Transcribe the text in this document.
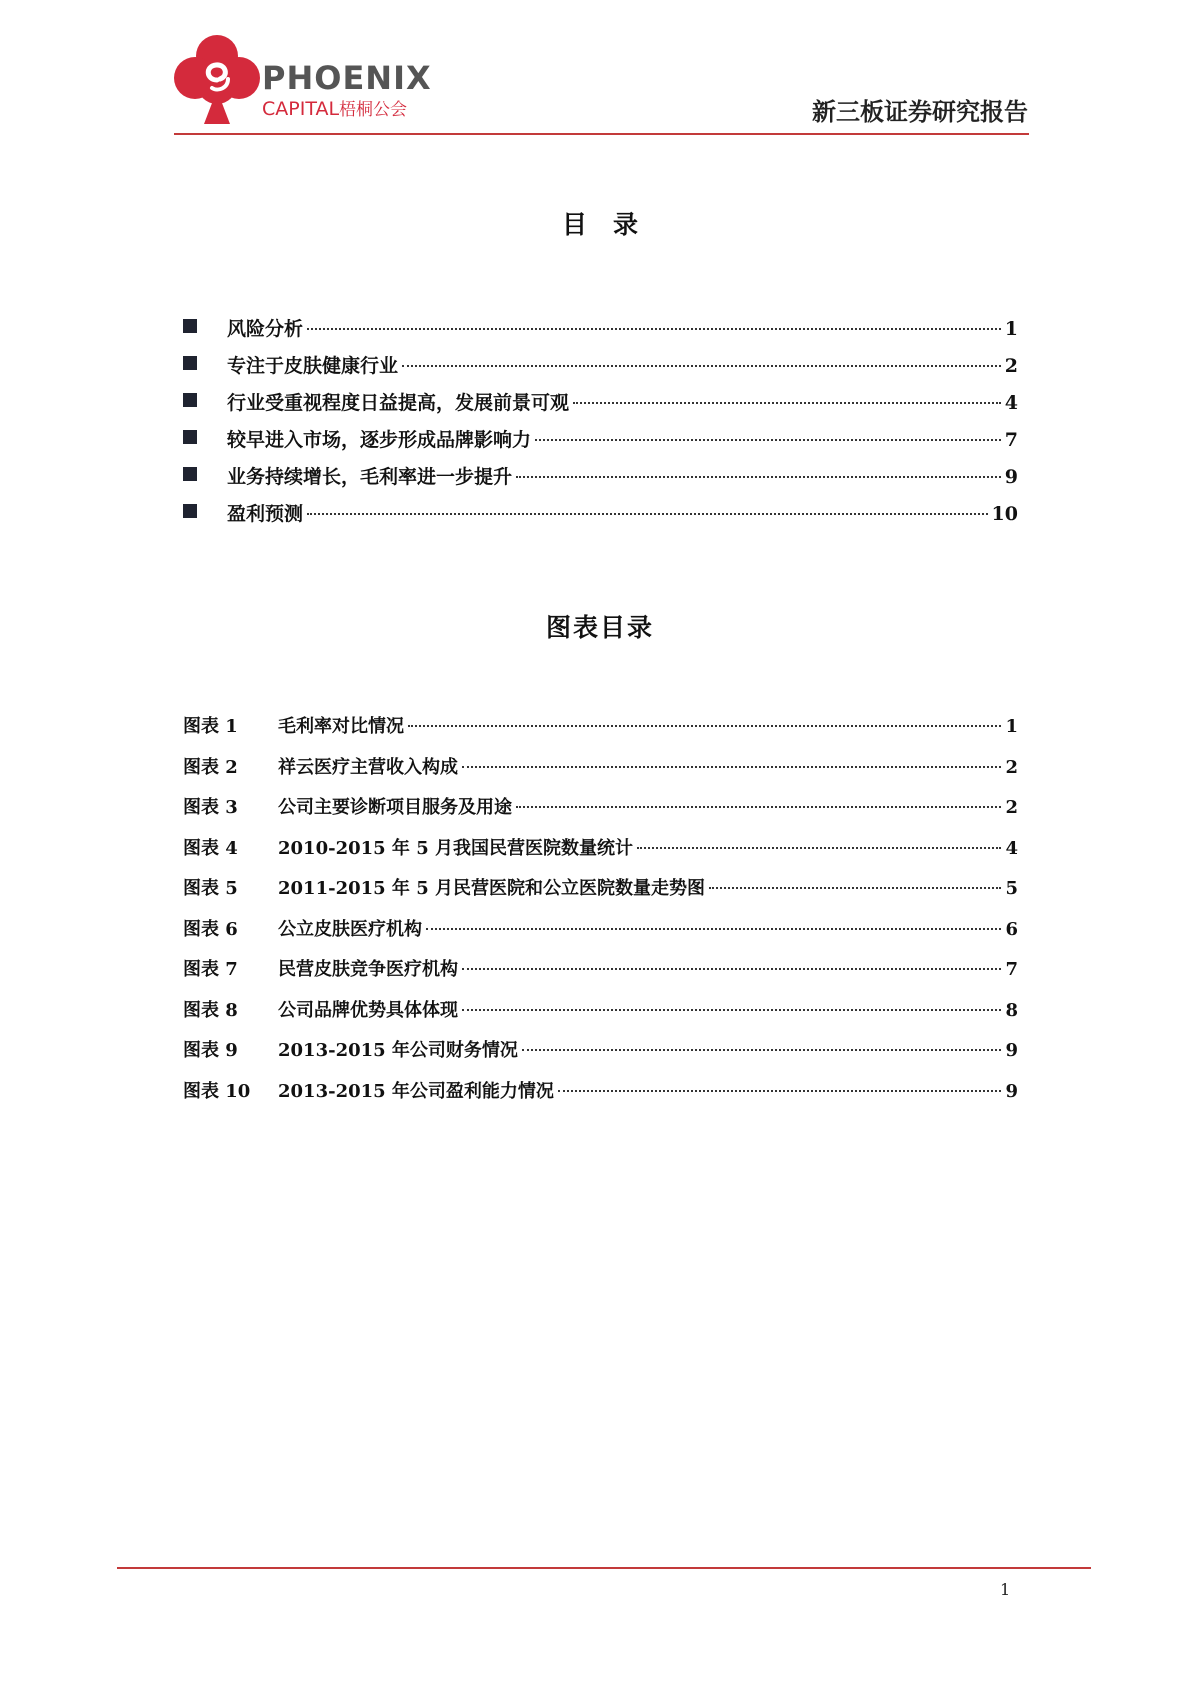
PHOENIX
CAPITAL梧桐公会	新三板证券研究报告
目录
风险分析	1
专注于皮肤健康行业	2
行业受重视程度日益提高，发展前景可观	4
较早进入市场，逐步形成品牌影响力	7
业务持续增长，毛利率进一步提升	9
盈利预测	10
图表目录
图表 1	毛利率对比情况	1
图表 2	祥云医疗主营收入构成	2
图表 3	公司主要诊断项目服务及用途	2
图表 4	2010-2015 年 5 月我国民营医院数量统计	4
图表 5	2011-2015 年 5 月民营医院和公立医院数量走势图	5
图表 6	公立皮肤医疗机构	6
图表 7	民营皮肤竞争医疗机构	7
图表 8	公司品牌优势具体体现	8
图表 9	2013-2015 年公司财务情况	9
图表 10	2013-2015 年公司盈利能力情况	9
1
